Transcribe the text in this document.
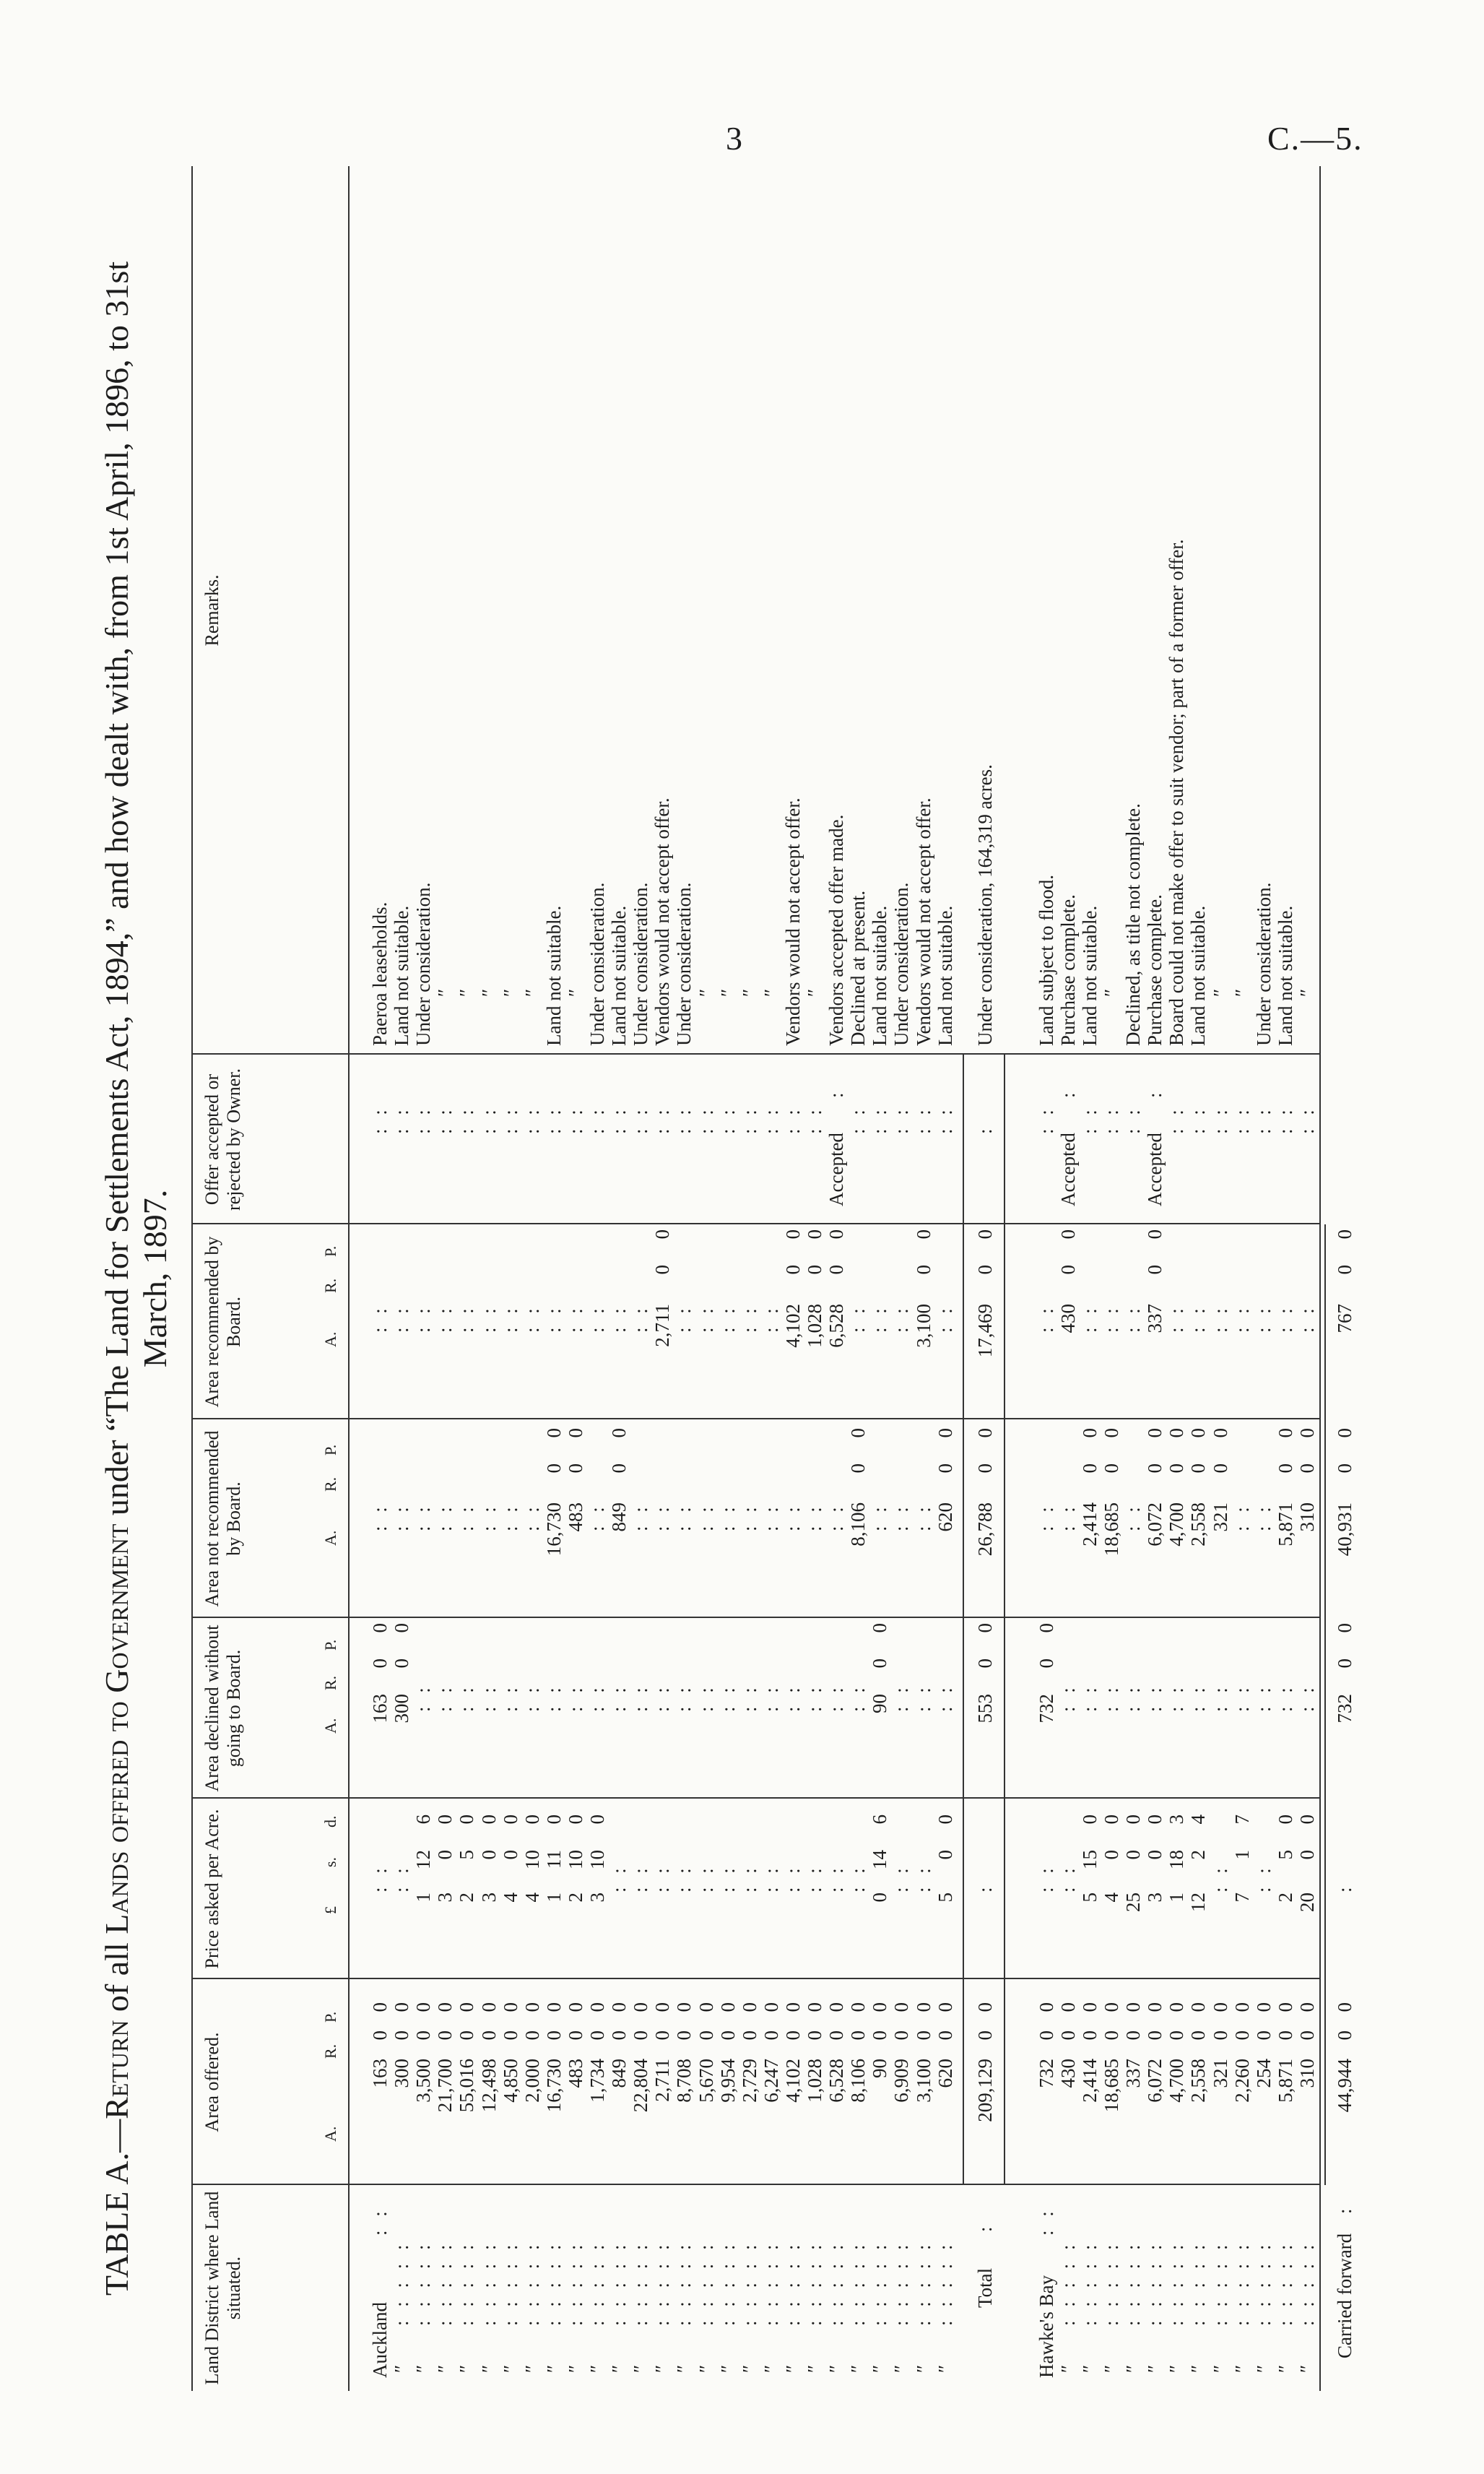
3	C.—5.
TABLE A.—Return of all Lands offered to Government under “The Land for Settlements Act, 1894,” and how dealt with, from 1st April, 1896, to 31st
March, 1897.
Land District where Land situated.
Area offered.
Price asked per Acre.
Area declined without going to Board.
Area not recommended by Board.
Area recommended by Board.
Offer accepted or rejected by Owner.
Remarks.
A.
R.
P.
A.
R.
P.
A.
R.
P.
A.
R.
P.
£
s.
d.
Auckland
: :
163
0
0
: :
163
0
0
: :
: :
: :
Paeroa leaseholds.
″
: : : : :
300
0
0
: :
300
0
0
: :
: :
: :
Land not suitable.
″
: : : : :
3,500
0
0
1
12
6
: :
: :
: :
: :
Under consideration.
″
: : : : :
21,700
0
0
3
0
0
: :
: :
: :
: :
″
″
: : : : :
55,016
0
0
2
5
0
: :
: :
: :
: :
″
″
: : : : :
12,498
0
0
3
0
0
: :
: :
: :
: :
″
″
: : : : :
4,850
0
0
4
0
0
: :
: :
: :
: :
″
″
: : : : :
2,000
0
0
4
10
0
: :
: :
: :
: :
″
″
: : : : :
16,730
0
0
1
11
0
: :
16,730
0
0
: :
: :
Land not suitable.
″
: : : : :
483
0
0
2
10
0
: :
483
0
0
: :
: :
″
″
: : : : :
1,734
0
0
3
10
0
: :
: :
: :
: :
Under consideration.
″
: : : : :
849
0
0
: :
: :
849
0
0
: :
: :
Land not suitable.
″
: : : : :
22,804
0
0
: :
: :
: :
: :
: :
Under consideration.
″
: : : : :
2,711
0
0
: :
: :
: :
2,711
0
0
: :
Vendors would not accept offer.
″
: : : : :
8,708
0
0
: :
: :
: :
: :
: :
Under consideration.
″
: : : : :
5,670
0
0
: :
: :
: :
: :
: :
″
″
: : : : :
9,954
0
0
: :
: :
: :
: :
: :
″
″
: : : : :
2,729
0
0
: :
: :
: :
: :
: :
″
″
: : : : :
6,247
0
0
: :
: :
: :
: :
: :
″
″
: : : : :
4,102
0
0
: :
: :
: :
4,102
0
0
: :
Vendors would not accept offer.
″
: : : : :
1,028
0
0
: :
: :
: :
1,028
0
0
: :
″
″
: : : : :
6,528
0
0
: :
: :
: :
6,528
0
0
Accepted
:
Vendors accepted offer made.
″
: : : : :
8,106
0
0
: :
: :
8,106
0
0
: :
: :
Declined at present.
″
: : : : :
90
0
0
0
14
6
90
0
0
: :
: :
: :
Land not suitable.
″
: : : : :
6,909
0
0
: :
: :
: :
: :
: :
Under consideration.
″
: : : : :
3,100
0
0
: :
: :
: :
3,100
0
0
: :
Vendors would not accept offer.
″
: : : : :
620
0
0
5
0
0
: :
620
0
0
: :
: :
Land not suitable.
Total
:
209,129
0
0
553
0
0
26,788
0
0
17,469
0
0
:
:
Under consideration, 164,319 acres.
Hawke's Bay
: :
732
0
0
: :
732
0
0
: :
: :
: :
Land subject to flood.
″
: : : : :
430
0
0
: :
: :
: :
430
0
0
Accepted
:
Purchase complete.
″
: : : : :
2,414
0
0
5
15
0
: :
2,414
0
0
: :
: :
Land not suitable.
″
: : : : :
18,685
0
0
4
0
0
: :
18,685
0
0
: :
: :
″
″
: : : : :
337
0
0
25
0
0
: :
: :
: :
: :
Declined, as title not complete.
″
: : : : :
6,072
0
0
3
0
0
: :
6,072
0
0
337
0
0
Accepted
:
Purchase complete.
″
: : : : :
4,700
0
0
1
18
3
: :
4,700
0
0
: :
: :
Board could not make offer to suit vendor; part of a former offer.
″
: : : : :
2,558
0
0
12
2
4
: :
2,558
0
0
: :
: :
Land not suitable.
″
: : : : :
321
0
0
: :
: :
321
0
0
: :
: :
″
″
: : : : :
2,260
0
0
7
1
7
: :
: :
: :
: :
″
″
: : : : :
254
0
0
: :
: :
: :
: :
: :
Under consideration.
″
: : : : :
5,871
0
0
2
5
0
: :
5,871
0
0
: :
: :
Land not suitable.
″
: : : : :
310
0
0
20
0
0
: :
310
0
0
: :
: :
″
Carried forward
:
44,944
0
0
732
0
0
40,931
0
0
767
0
0
:
